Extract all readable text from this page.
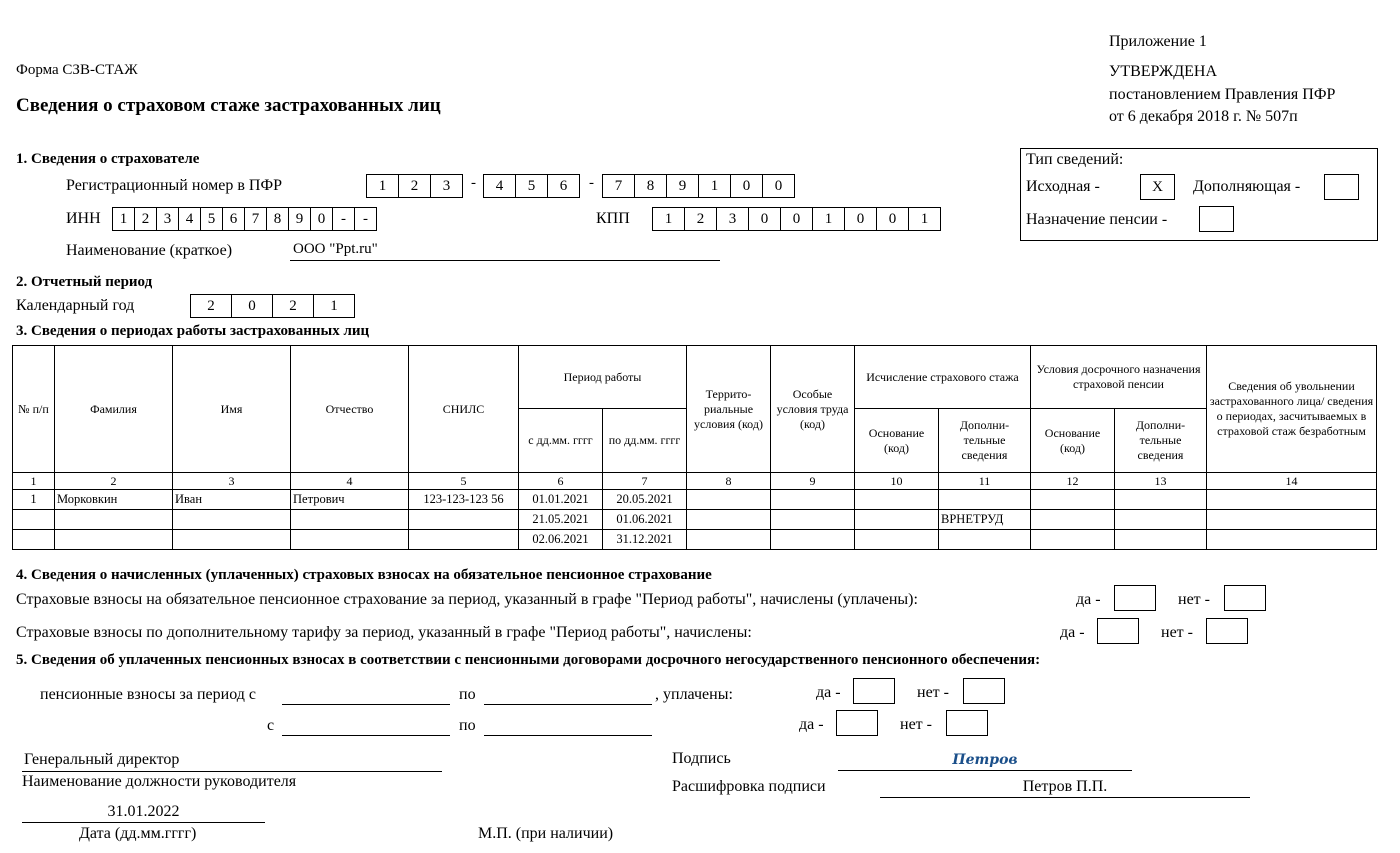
Приложение 1
УТВЕРЖДЕНА
постановлением Правления ПФР
от 6 декабря 2018 г. № 507п
Форма СЗВ-СТАЖ
Сведения о страховом стаже застрахованных лиц
Тип сведений:
Исходная -	X	Дополняющая -
Назначение пенсии -
1. Сведения о страхователе
Регистрационный номер в ПФР	1	2	3	-	4	5	6	-	7	8	9	1	0	0
ИНН	1 2 3 4 5 6 7 8 9 0	-	-	КПП	1	2	3	0	0	1	0	0	1
Наименование (краткое)	ООО "Ppt.ru"
2. Отчетный период
Календарный год	2	0	2	1
3. Сведения о периодах работы застрахованных лиц
№ п/п	Фамилия	Имя	Отчество	СНИЛС	Период работы		Террито- риальные условия (код)	Особые условия труда (код)	Исчисление страхового стажа		Условия досрочного назначения страховой пенсии		Сведения об увольнении застрахованного лица/ сведения о периодах, засчитываемых в страховой стаж безработным
					с дд.мм. гггг	по дд.мм. гггг			Основание (код)	Дополни- тельные сведения	Основание (код)	Дополни- тельные сведения	
1	2	3	4	5	6	7	8	9	10	11	12	13	14
1	Морковкин	Иван	Петрович	123-123-123 56	01.01.2021	20.05.2021							
					21.05.2021	01.06.2021				ВРНЕТРУД			
					02.06.2021	31.12.2021							
4. Сведения о начисленных (уплаченных) страховых взносах на обязательное пенсионное страхование
Страховые взносы на обязательное пенсионное страхование за период, указанный в графе "Период работы", начислены (уплачены):	да -	нет -
Страховые взносы по дополнительному тарифу за период, указанный в графе "Период работы", начислены:	да -	нет -
5. Сведения об уплаченных пенсионных взносах в соответствии с пенсионными договорами досрочного негосударственного пенсионного обеспечения:
пенсионные взносы за период с	по	, уплачены:	да -	нет -
с	по	да -	нет -
Генеральный директор
Наименование должности руководителя
31.01.2022
Дата (дд.мм.гггг)	М.П. (при наличии)
Подпись	Петров
Расшифровка подписи	Петров П.П.
